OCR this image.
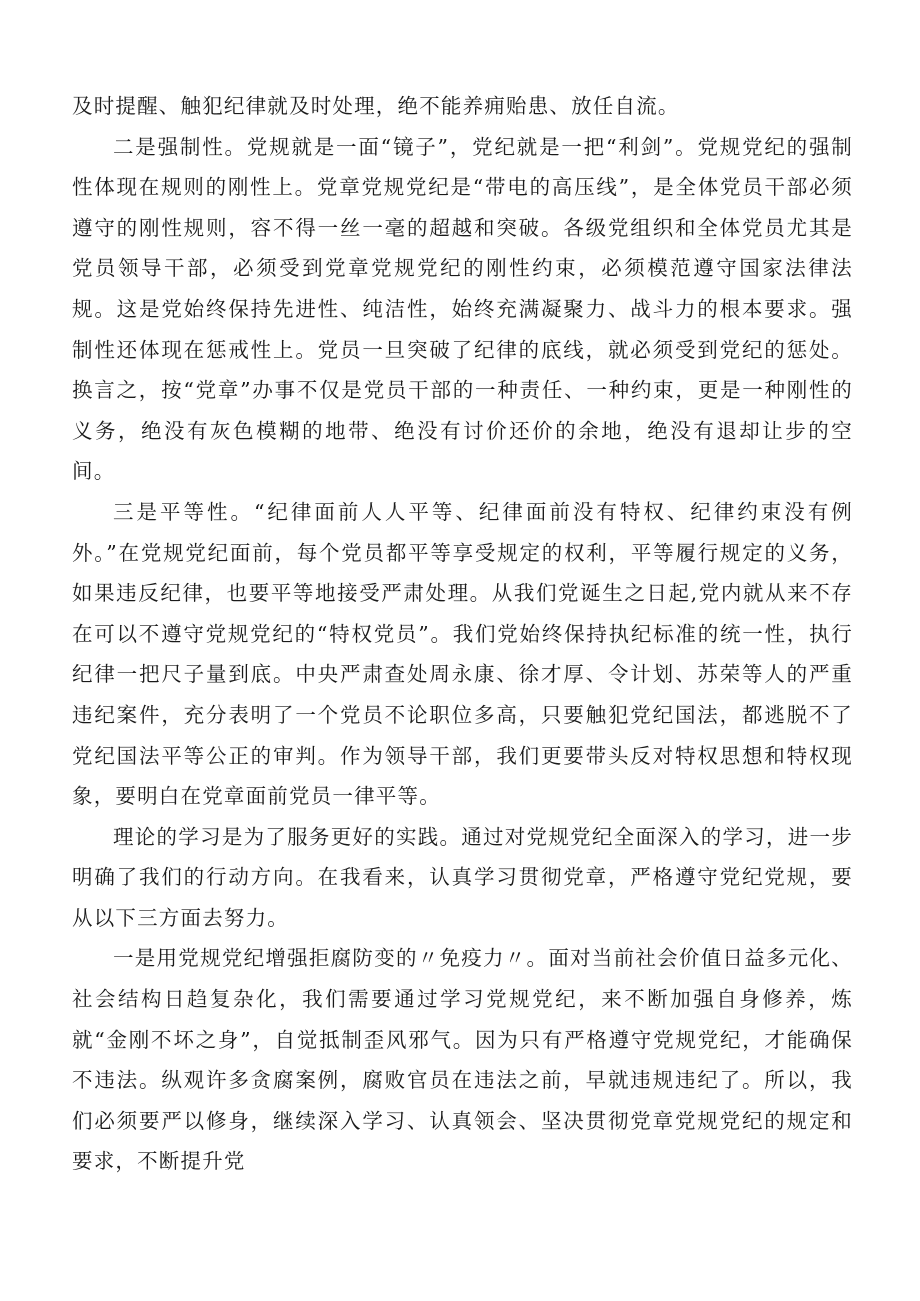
及时提醒、触犯纪律就及时处理，绝不能养痈贻患、放任自流。

二是强制性。党规就是一面“镜子”，党纪就是一把“利剑”。党规党纪的强制性体现在规则的刚性上。党章党规党纪是“带电的高压线”，是全体党员干部必须遵守的刚性规则，容不得一丝一毫的超越和突破。各级党组织和全体党员尤其是党员领导干部，必须受到党章党规党纪的刚性约束，必须模范遵守国家法律法规。这是党始终保持先进性、纯洁性，始终充满凝聚力、战斗力的根本要求。强制性还体现在惩戒性上。党员一旦突破了纪律的底线，就必须受到党纪的惩处。换言之，按“党章”办事不仅是党员干部的一种责任、一种约束，更是一种刚性的义务，绝没有灰色模糊的地带、绝没有讨价还价的余地，绝没有退却让步的空间。

三是平等性。“纪律面前人人平等、纪律面前没有特权、纪律约束没有例外。”在党规党纪面前，每个党员都平等享受规定的权利，平等履行规定的义务，如果违反纪律，也要平等地接受严肃处理。从我们党诞生之日起,党内就从来不存在可以不遵守党规党纪的“特权党员”。我们党始终保持执纪标准的统一性，执行纪律一把尺子量到底。中央严肃查处周永康、徐才厚、令计划、苏荣等人的严重违纪案件，充分表明了一个党员不论职位多高，只要触犯党纪国法，都逃脱不了党纪国法平等公正的审判。作为领导干部，我们更要带头反对特权思想和特权现象，要明白在党章面前党员一律平等。

理论的学习是为了服务更好的实践。通过对党规党纪全面深入的学习，进一步明确了我们的行动方向。在我看来，认真学习贯彻党章，严格遵守党纪党规，要从以下三方面去努力。

一是用党规党纪增强拒腐防变的〃免疫力〃。面对当前社会价值日益多元化、社会结构日趋复杂化，我们需要通过学习党规党纪，来不断加强自身修养，炼就“金刚不坏之身”，自觉抵制歪风邪气。因为只有严格遵守党规党纪，才能确保不违法。纵观许多贪腐案例，腐败官员在违法之前，早就违规违纪了。所以，我们必须要严以修身，继续深入学习、认真领会、坚决贯彻党章党规党纪的规定和要求，不断提升党
